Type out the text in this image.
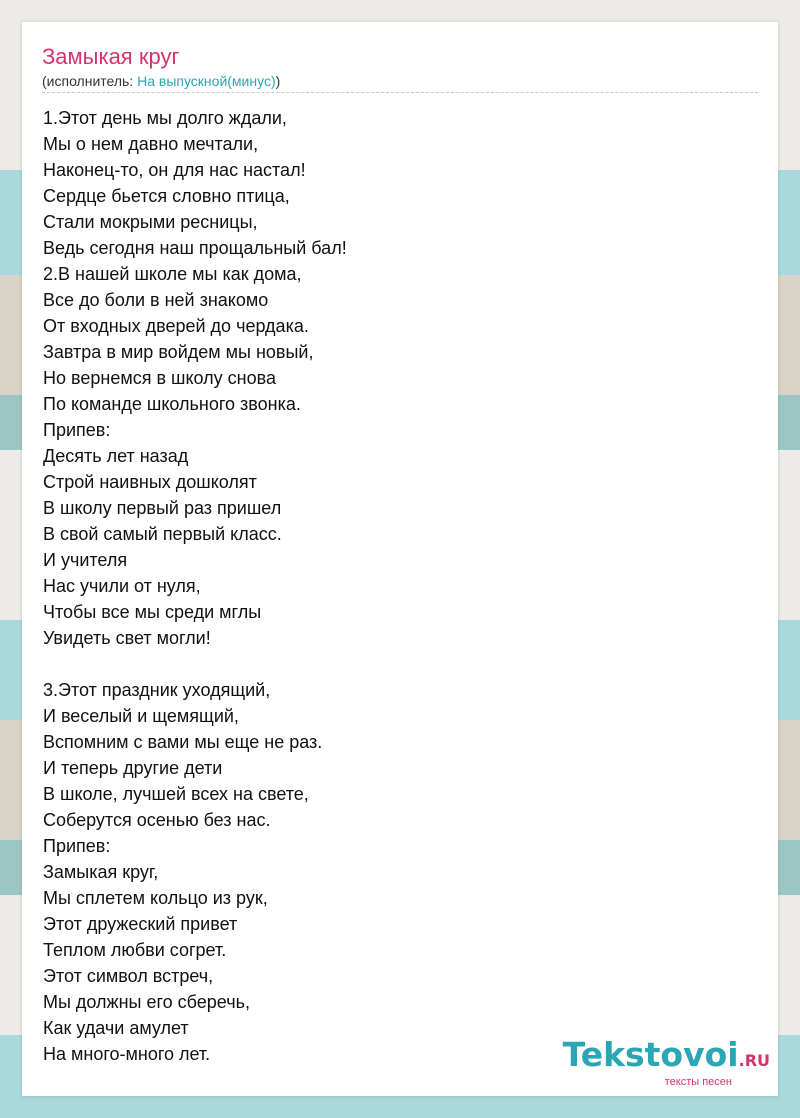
Замыкая круг
(исполнитель: На выпускной(минус))
1.Этот день мы долго ждали,
Мы о нем давно мечтали,
Наконец-то, он для нас настал!
Сердце бьется словно птица,
Стали мокрыми ресницы,
Ведь сегодня наш прощальный бал!
2.В нашей школе мы как дома,
Все до боли в ней знакомо
От входных дверей до чердака.
Завтра в мир войдем мы новый,
Но вернемся в школу снова
По команде школьного звонка.
Припев:
Десять лет назад
Строй наивных дошколят
В школу первый раз пришел
В свой самый первый класс.
И учителя
Нас учили от нуля,
Чтобы все мы среди мглы
Увидеть свет могли!
3.Этот праздник уходящий,
И веселый и щемящий,
Вспомним с вами мы еще не раз.
И теперь другие дети
В школе, лучшей всех на свете,
Соберутся осенью без нас.
Припев:
Замыкая круг,
Мы сплетем кольцо из рук,
Этот дружеский привет
Теплом любви согрет.
Этот символ встреч,
Мы должны его сберечь,
Как удачи амулет
На много-много лет.	Tekstovoi.RU
тексты песен
